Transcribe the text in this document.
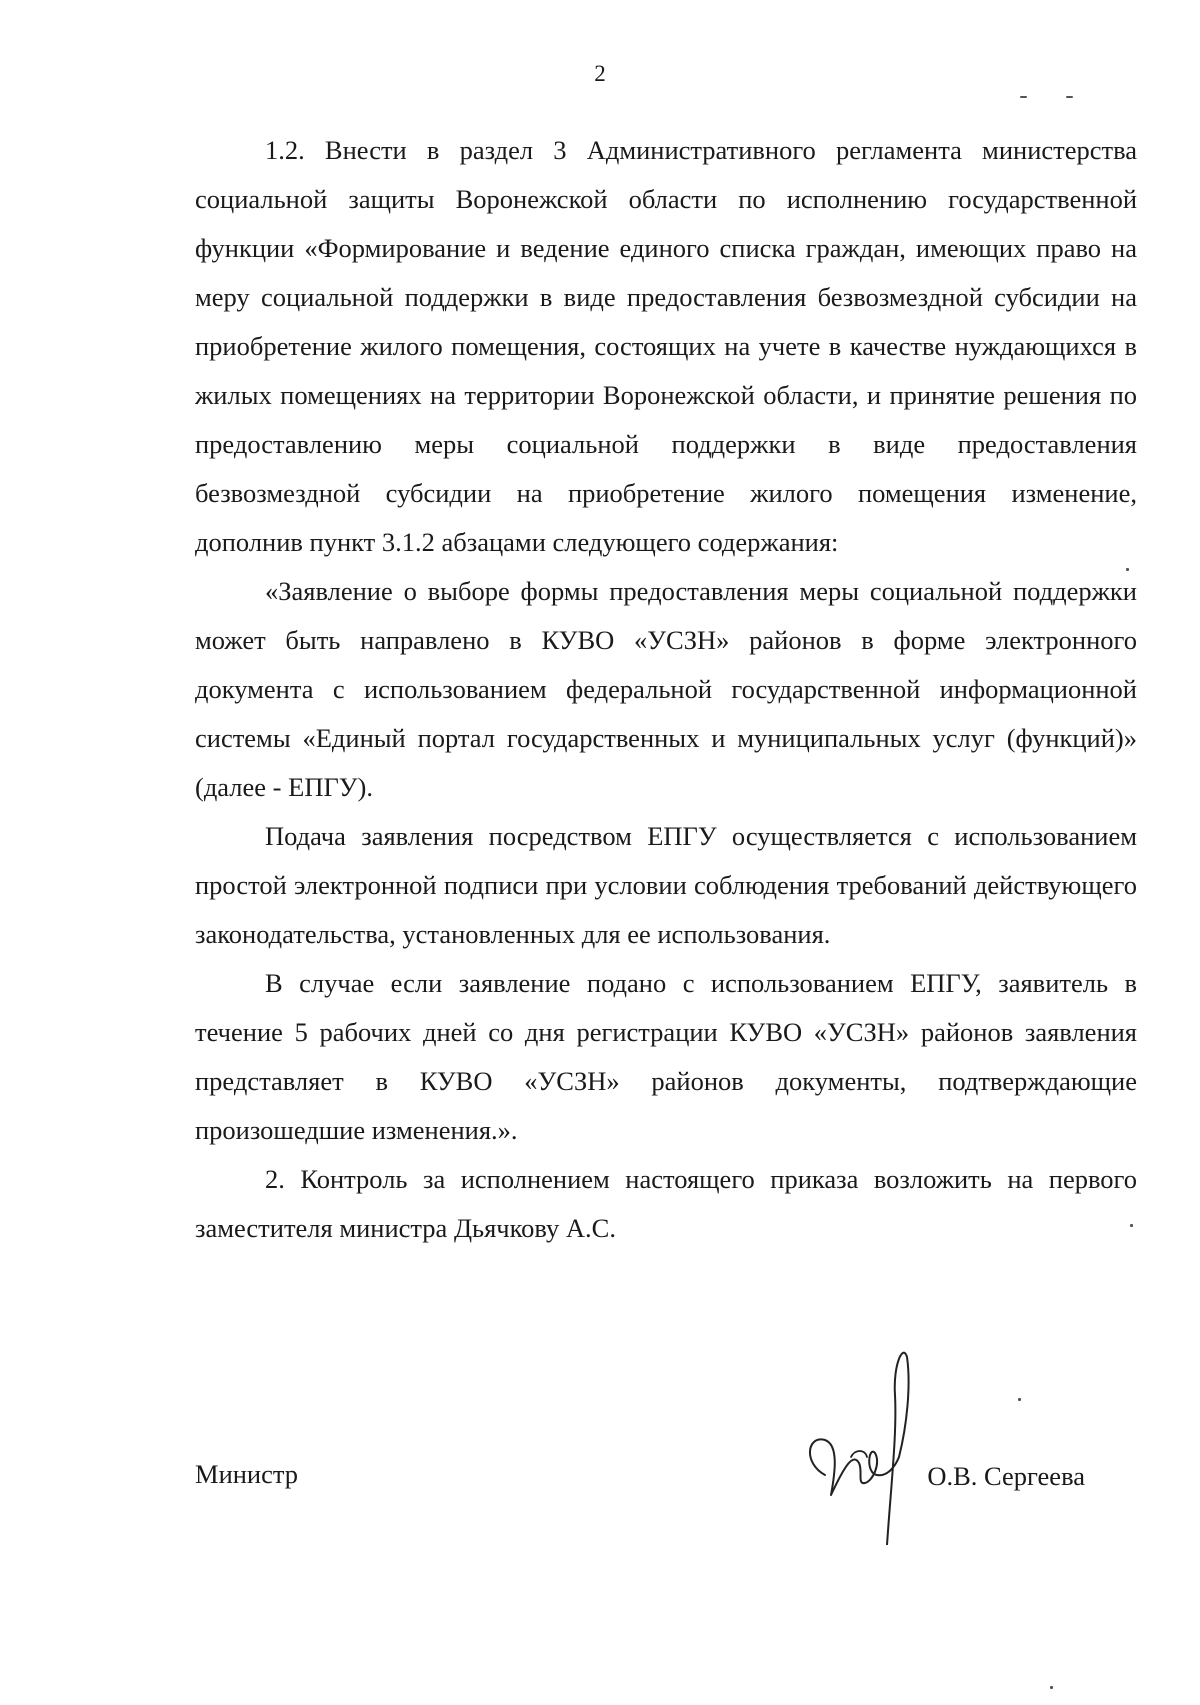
2

1.2. Внести в раздел 3 Административного регламента министерства социальной защиты Воронежской области по исполнению государственной функции «Формирование и ведение единого списка граждан, имеющих право на меру социальной поддержки в виде предоставления безвозмездной субсидии на приобретение жилого помещения, состоящих на учете в качестве нуждающихся в жилых помещениях на территории Воронежской области, и принятие решения по предоставлению меры социальной поддержки в виде предоставления безвозмездной субсидии на приобретение жилого помещения изменение, дополнив пункт 3.1.2 абзацами следующего содержания:

«Заявление о выборе формы предоставления меры социальной поддержки может быть направлено в КУВО «УСЗН» районов в форме электронного документа с использованием федеральной государственной информационной системы «Единый портал государственных и муниципальных услуг (функций)» (далее - ЕПГУ).

Подача заявления посредством ЕПГУ осуществляется с использованием простой электронной подписи при условии соблюдения требований действующего законодательства, установленных для ее использования.

В случае если заявление подано с использованием ЕПГУ, заявитель в течение 5 рабочих дней со дня регистрации КУВО «УСЗН» районов заявления представляет в КУВО «УСЗН» районов документы, подтверждающие произошедшие изменения.».

2. Контроль за исполнением настоящего приказа возложить на первого заместителя министра Дьячкову А.С.

Министр	О.В. Сергеева
